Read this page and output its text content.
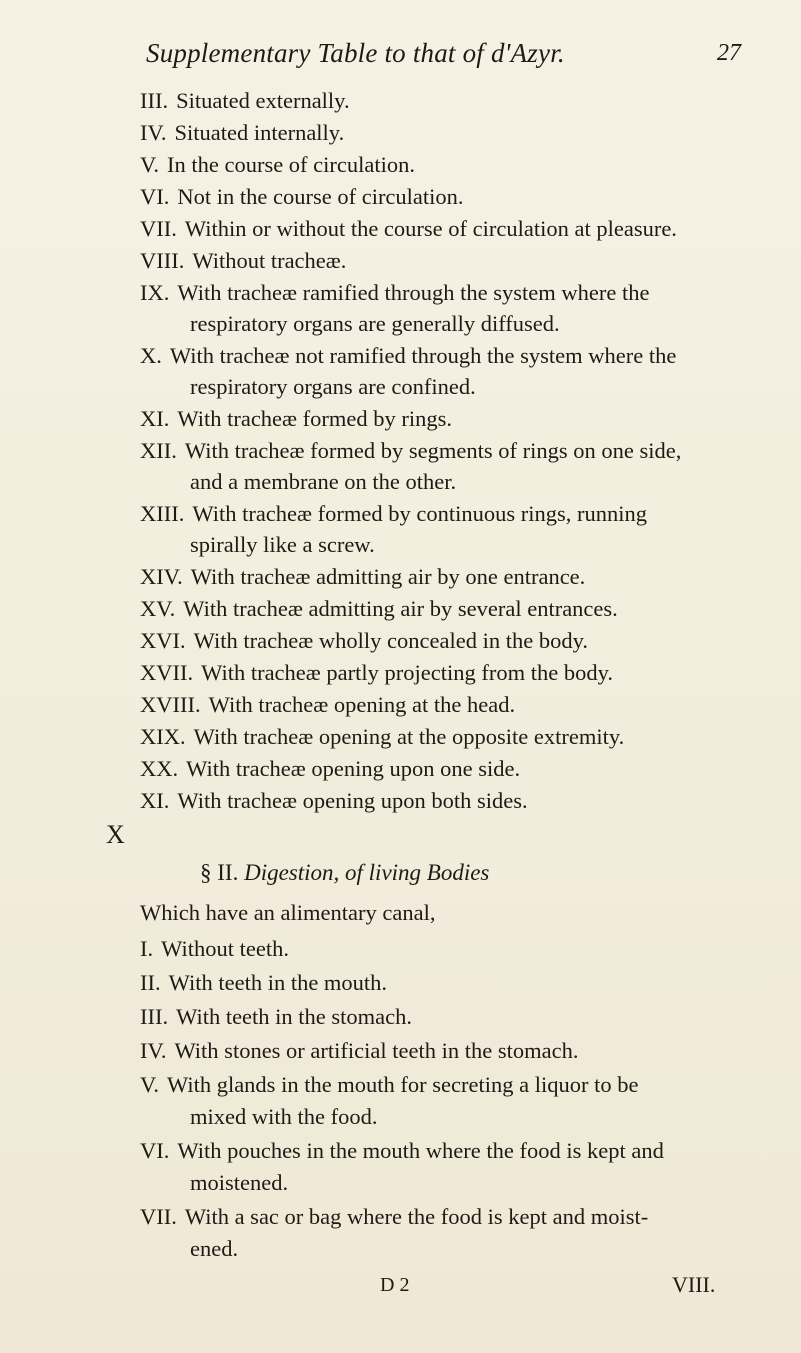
Supplementary Table to that of d'Azyr.	27
III. Situated externally.
IV. Situated internally.
V. In the course of circulation.
VI. Not in the course of circulation.
VII. Within or without the course of circulation at pleasure.
VIII. Without tracheæ.
IX. With tracheæ ramified through the system where the
respiratory organs are generally diffused.
X. With tracheæ not ramified through the system where the
respiratory organs are confined.
XI. With tracheæ formed by rings.
XII. With tracheæ formed by segments of rings on one side,
and a membrane on the other.
XIII. With tracheæ formed by continuous rings, running
spirally like a screw.
XIV. With tracheæ admitting air by one entrance.
XV. With tracheæ admitting air by several entrances.
XVI. With tracheæ wholly concealed in the body.
XVII. With tracheæ partly projecting from the body.
XVIII. With tracheæ opening at the head.
XIX. With tracheæ opening at the opposite extremity.
XX. With tracheæ opening upon one side.
XI. With tracheæ opening upon both sides.
X
§ II. Digestion, of living Bodies
Which have an alimentary canal,
I. Without teeth.
II. With teeth in the mouth.
III. With teeth in the stomach.
IV. With stones or artificial teeth in the stomach.
V. With glands in the mouth for secreting a liquor to be
mixed with the food.
VI. With pouches in the mouth where the food is kept and
moistened.
VII. With a sac or bag where the food is kept and moist-
ened.
D 2	VIII.
